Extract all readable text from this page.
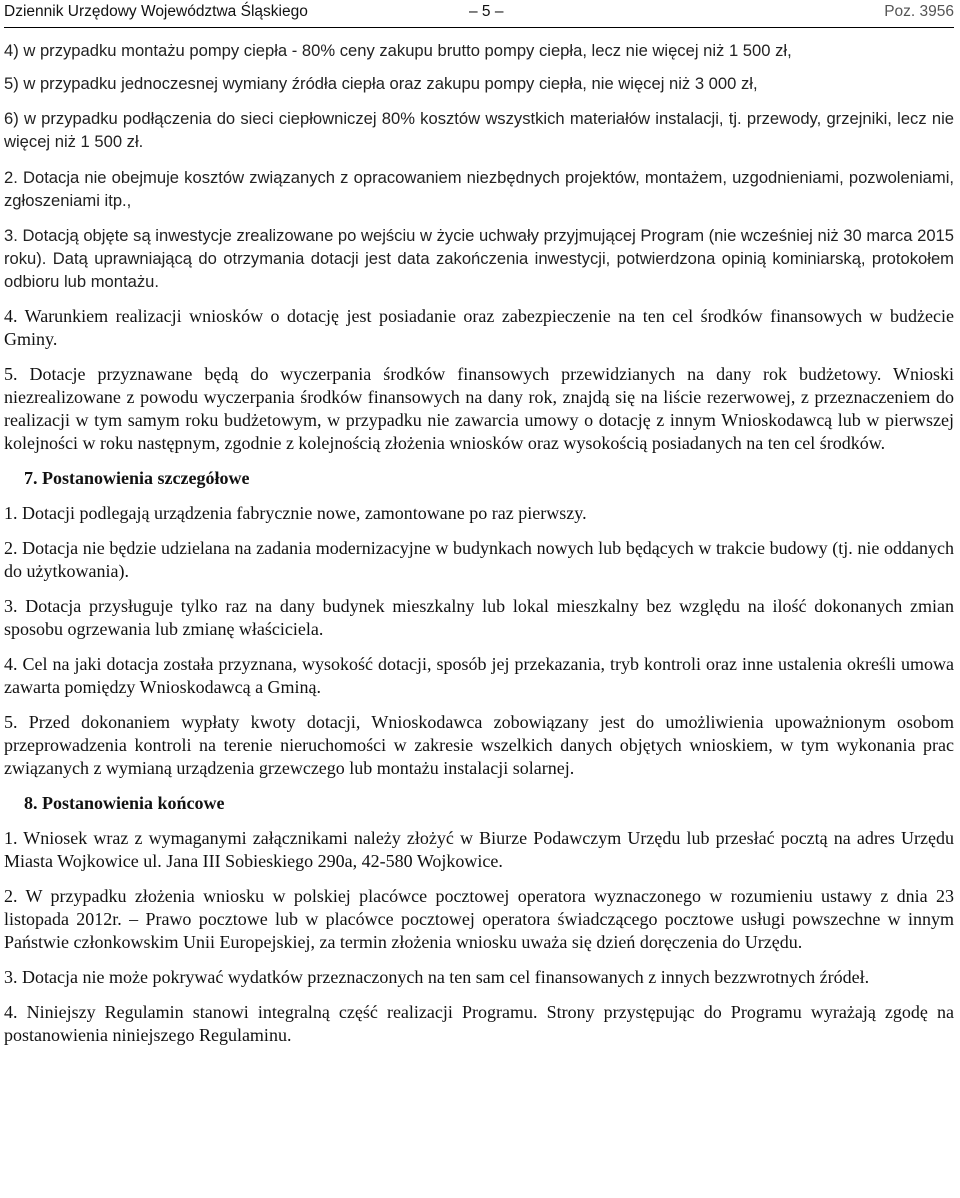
Dziennik Urzędowy Województwa Śląskiego	– 5 –	Poz. 3956

4) w przypadku montażu pompy ciepła - 80% ceny zakupu brutto pompy ciepła, lecz nie więcej niż 1 500 zł,

5) w przypadku jednoczesnej wymiany źródła ciepła oraz zakupu pompy ciepła, nie więcej niż 3 000 zł,

6) w przypadku podłączenia do sieci ciepłowniczej 80% kosztów wszystkich materiałów instalacji, tj. przewody, grzejniki, lecz nie więcej niż 1 500 zł.

2. Dotacja nie obejmuje kosztów związanych z opracowaniem niezbędnych projektów, montażem, uzgodnieniami, pozwoleniami, zgłoszeniami itp.,

3. Dotacją objęte są inwestycje zrealizowane po wejściu w życie uchwały przyjmującej Program (nie wcześniej niż 30 marca 2015 roku). Datą uprawniającą do otrzymania dotacji jest data zakończenia inwestycji, potwierdzona opinią kominiarską, protokołem odbioru lub montażu.

4. Warunkiem realizacji wniosków o dotację jest posiadanie oraz zabezpieczenie na ten cel środków finansowych w budżecie Gminy.

5. Dotacje przyznawane będą do wyczerpania środków finansowych przewidzianych na dany rok budżetowy. Wnioski niezrealizowane z powodu wyczerpania środków finansowych na dany rok, znajdą się na liście rezerwowej, z przeznaczeniem do realizacji w tym samym roku budżetowym, w przypadku nie zawarcia umowy o dotację z innym Wnioskodawcą lub w pierwszej kolejności w roku następnym, zgodnie z kolejnością złożenia wniosków oraz wysokością posiadanych na ten cel środków.

7. Postanowienia szczegółowe

1. Dotacji podlegają urządzenia fabrycznie nowe, zamontowane po raz pierwszy.

2. Dotacja nie będzie udzielana na zadania modernizacyjne w budynkach nowych lub będących w trakcie budowy (tj. nie oddanych do użytkowania).

3. Dotacja przysługuje tylko raz na dany budynek mieszkalny lub lokal mieszkalny bez względu na ilość dokonanych zmian sposobu ogrzewania lub zmianę właściciela.

4. Cel na jaki dotacja została przyznana, wysokość dotacji, sposób jej przekazania, tryb kontroli oraz inne ustalenia określi umowa zawarta pomiędzy Wnioskodawcą a Gminą.

5. Przed dokonaniem wypłaty kwoty dotacji, Wnioskodawca zobowiązany jest do umożliwienia upoważnionym osobom przeprowadzenia kontroli na terenie nieruchomości w zakresie wszelkich danych objętych wnioskiem, w tym wykonania prac związanych z wymianą urządzenia grzewczego lub montażu instalacji solarnej.

8. Postanowienia końcowe

1. Wniosek wraz z wymaganymi załącznikami należy złożyć w Biurze Podawczym Urzędu lub przesłać pocztą na adres Urzędu Miasta Wojkowice ul. Jana III Sobieskiego 290a, 42-580 Wojkowice.

2. W przypadku złożenia wniosku w polskiej placówce pocztowej operatora wyznaczonego w rozumieniu ustawy z dnia 23 listopada 2012r. – Prawo pocztowe lub w placówce pocztowej operatora świadczącego pocztowe usługi powszechne w innym Państwie członkowskim Unii Europejskiej, za termin złożenia wniosku uważa się dzień doręczenia do Urzędu.

3. Dotacja nie może pokrywać wydatków przeznaczonych na ten sam cel finansowanych z innych bezzwrotnych źródeł.

4. Niniejszy Regulamin stanowi integralną część realizacji Programu. Strony przystępując do Programu wyrażają zgodę na postanowienia niniejszego Regulaminu.
